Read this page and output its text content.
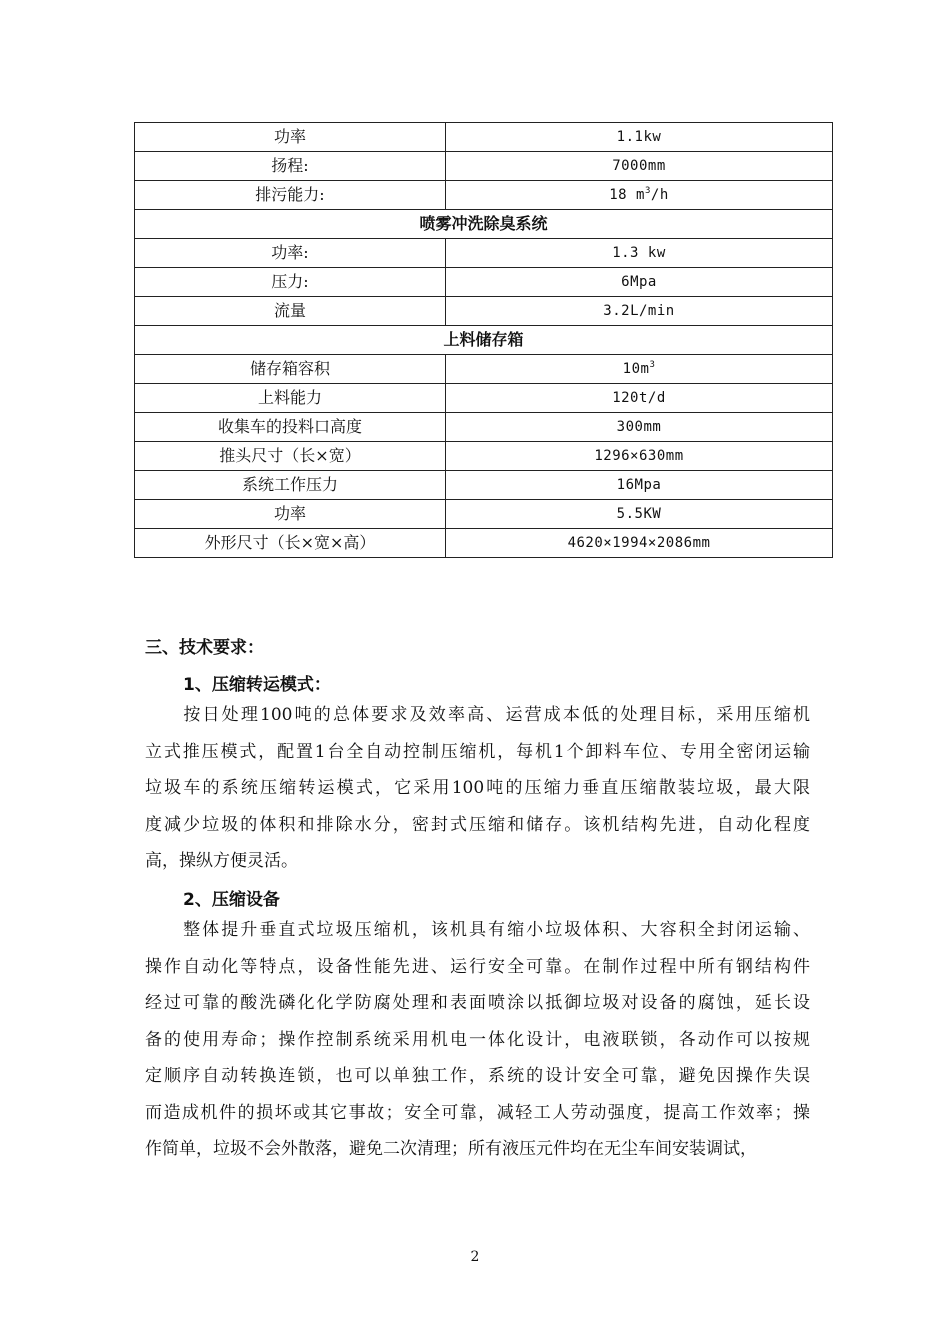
功率	1.1kw
扬程:	7000mm
排污能力:	18 $m^3/h$
喷雾冲洗除臭系统	
功率:	1.3 kw
压力:	6Mpa
流量	3.2L/min
上料储存箱	
储存箱容积	$10m^3$
上料能力	120t/d
收集车的投料口高度	300mm
推头尺寸（长×宽）	1296×630mm
系统工作压力	16Mpa
功率	5.5KW
外形尺寸（长×宽×高）	4620×1994×2086mm
三、技术要求：
1、压缩转运模式：
　　按日处理100吨的总体要求及效率高、运营成本低的处理目标，采用压缩机
立式推压模式，配置1台全自动控制压缩机，每机1个卸料车位、专用全密闭运输
垃圾车的系统压缩转运模式，它采用100吨的压缩力垂直压缩散装垃圾，最大限
度减少垃圾的体积和排除水分，密封式压缩和储存。该机结构先进，自动化程度
高，操纵方便灵活。
2、压缩设备
　　整体提升垂直式垃圾压缩机，该机具有缩小垃圾体积、大容积全封闭运输、
操作自动化等特点，设备性能先进、运行安全可靠。在制作过程中所有钢结构件
经过可靠的酸洗磷化化学防腐处理和表面喷涂以抵御垃圾对设备的腐蚀，延长设
备的使用寿命；操作控制系统采用机电一体化设计，电液联锁，各动作可以按规
定顺序自动转换连锁，也可以单独工作，系统的设计安全可靠，避免因操作失误
而造成机件的损坏或其它事故；安全可靠，减轻工人劳动强度，提高工作效率；操
作简单，垃圾不会外散落，避免二次清理；所有液压元件均在无尘车间安装调试，
2
